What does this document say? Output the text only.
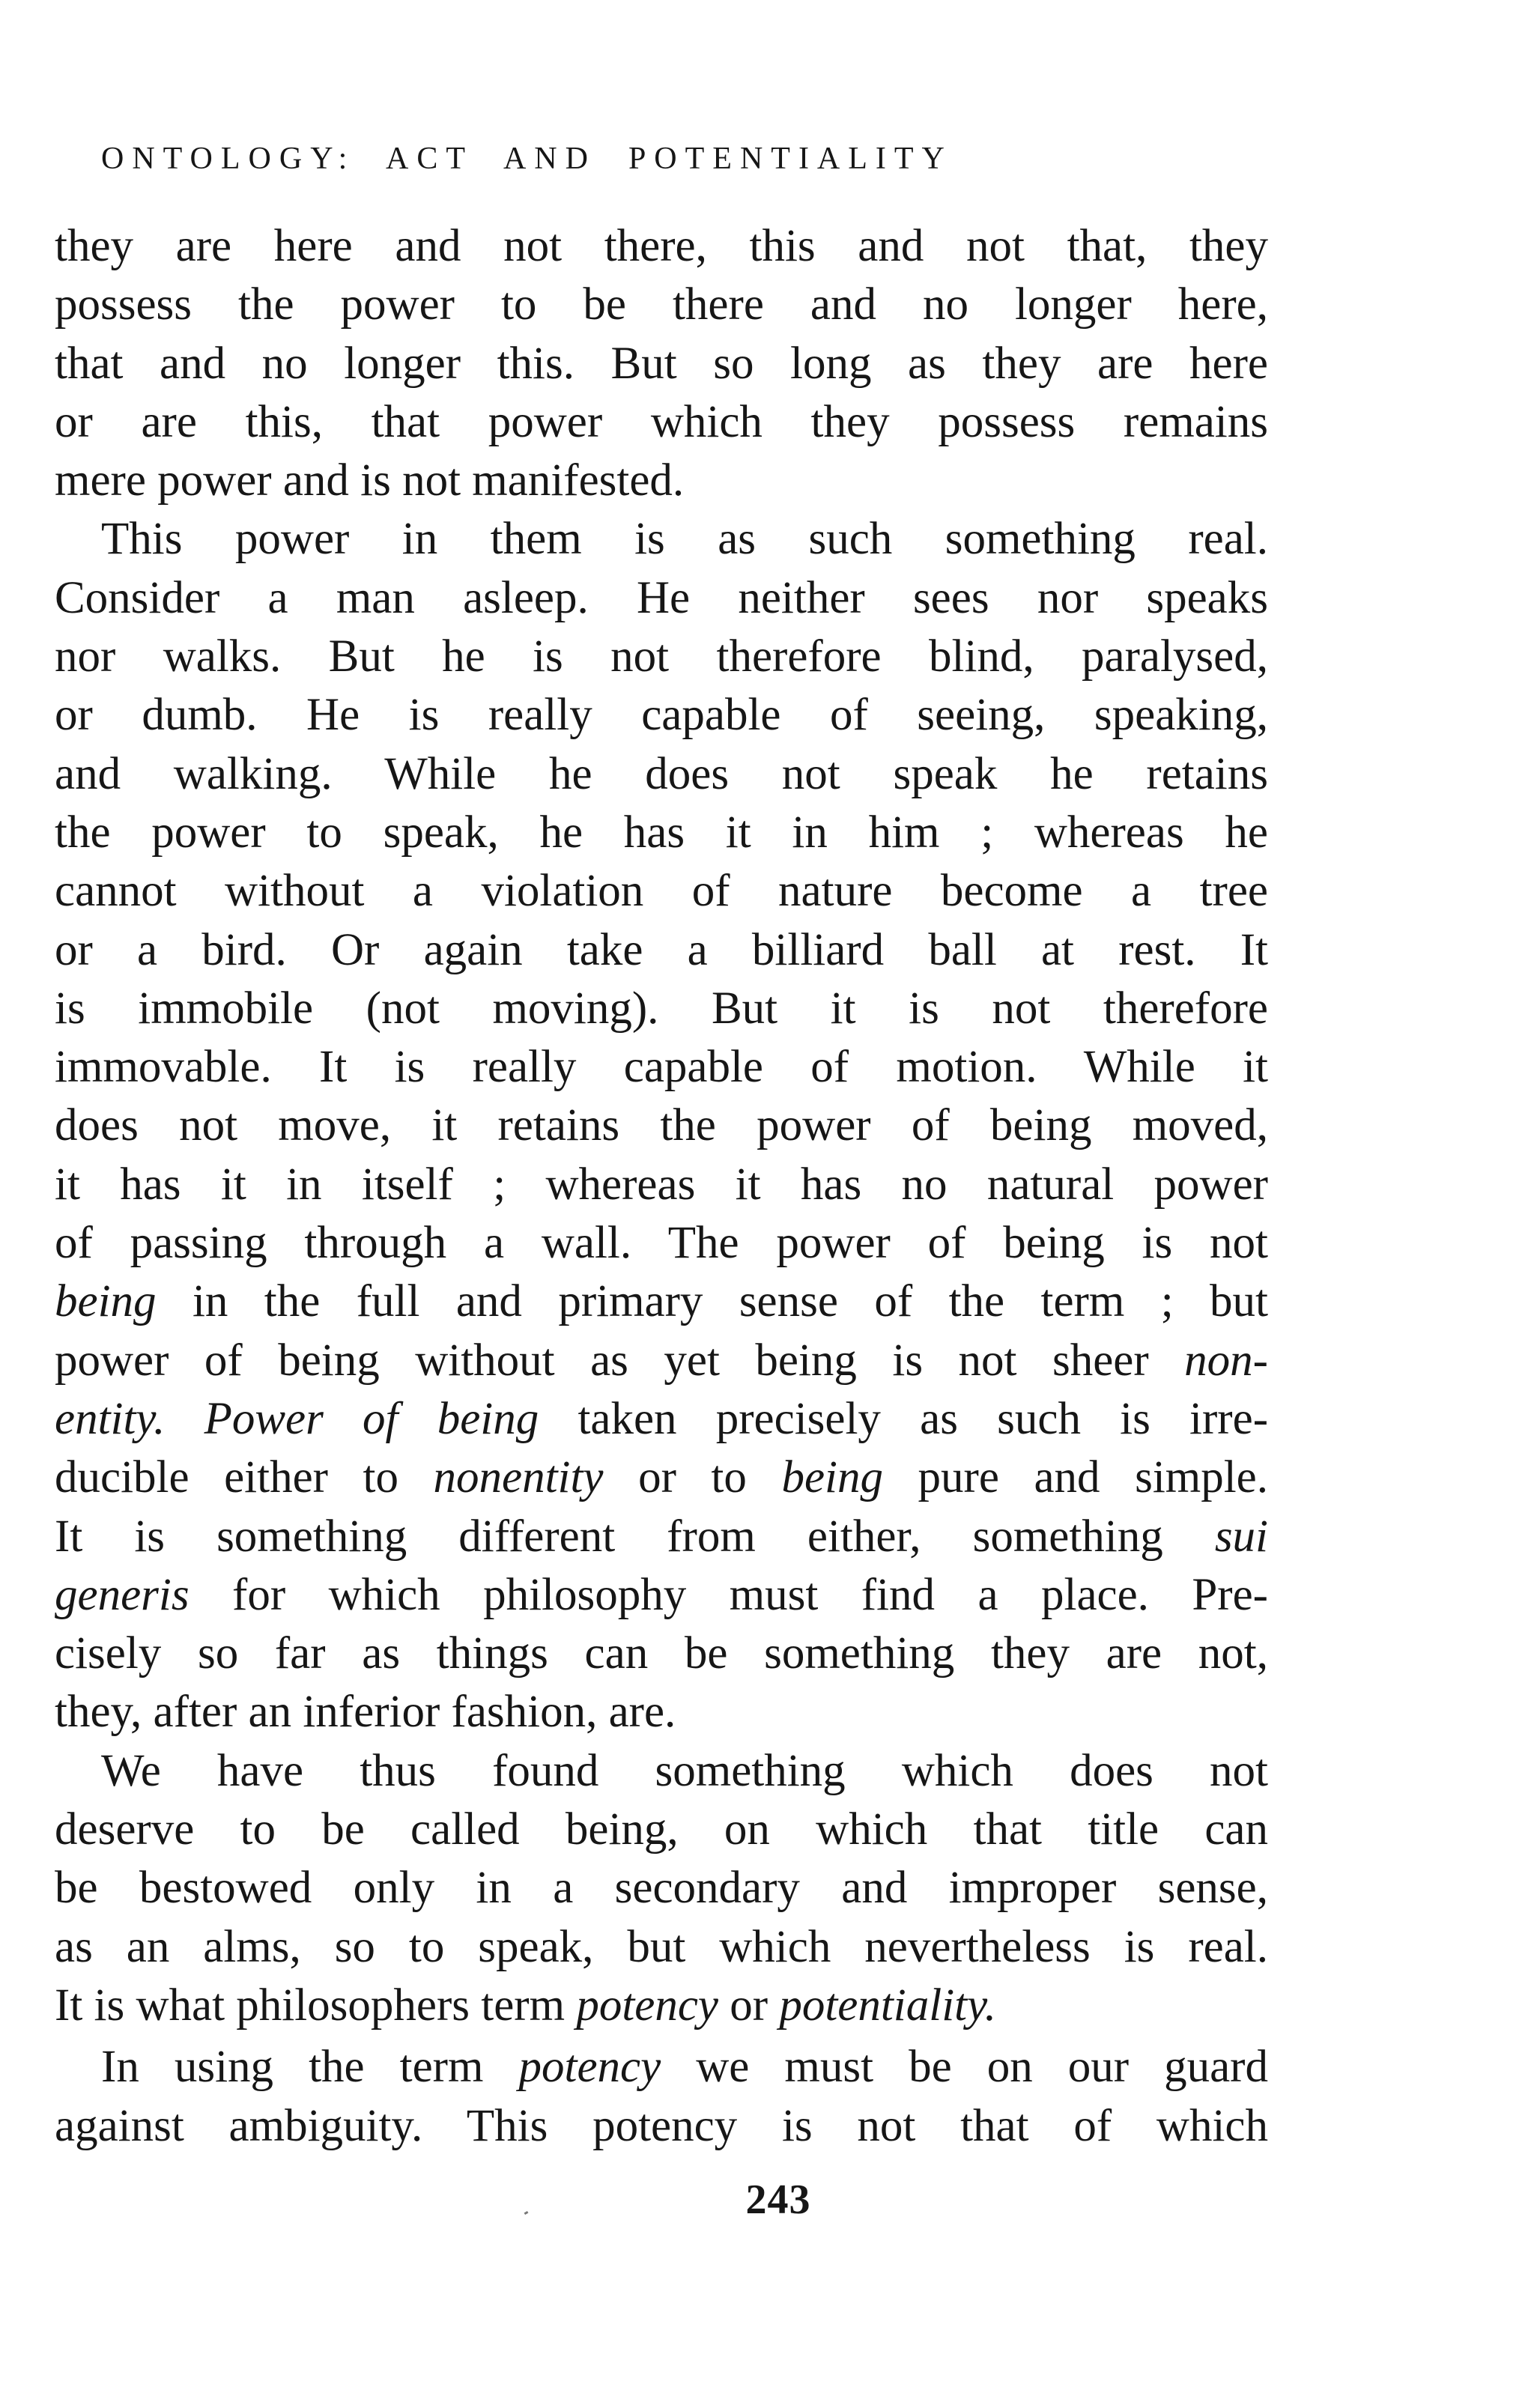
ONTOLOGY:  ACT  AND  POTENTIALITY
they are here and not there, this and not that, they
possess the power to be there and no longer here,
that and no longer this. But so long as they are here
or are this, that power which they possess remains
mere power and is not manifested.
This power in them is as such something real.
Consider a man asleep. He neither sees nor speaks
nor walks. But he is not therefore blind, paralysed,
or dumb. He is really capable of seeing, speaking,
and walking. While he does not speak he retains
the power to speak, he has it in him ; whereas he
cannot without a violation of nature become a tree
or a bird. Or again take a billiard ball at rest. It
is immobile (not moving). But it is not therefore
immovable. It is really capable of motion. While it
does not move, it retains the power of being moved,
it has it in itself ; whereas it has no natural power
of passing through a wall. The power of being is not
being in the full and primary sense of the term ; but
power of being without as yet being is not sheer non-
entity. Power of being taken precisely as such is irre-
ducible either to nonentity or to being pure and simple.
It is something different from either, something sui
generis for which philosophy must find a place. Pre-
cisely so far as things can be something they are not,
they, after an inferior fashion, are.
We have thus found something which does not
deserve to be called being, on which that title can
be bestowed only in a secondary and improper sense,
as an alms, so to speak, but which nevertheless is real.
It is what philosophers term potency or potentiality.
In using the term potency we must be on our guard
against ambiguity. This potency is not that of which
243
